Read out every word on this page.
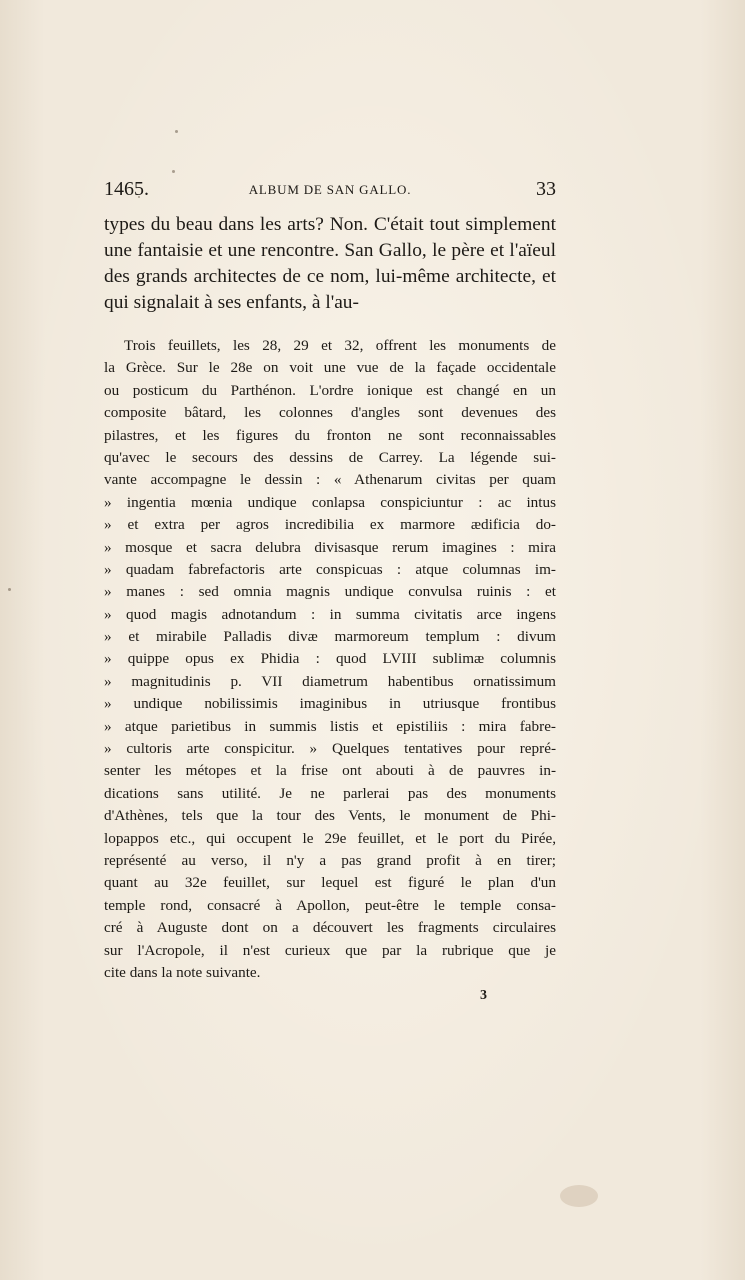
1465.	ALBUM DE SAN GALLO.	33
types du beau dans les arts? Non. C'était tout simplement une fantaisie et une rencontre. San Gallo, le père et l'aïeul des grands architectes de ce nom, lui-même architecte, et qui signalait à ses enfants, à l'au-
Trois feuillets, les 28, 29 et 32, offrent les monuments de
la Grèce. Sur le 28e on voit une vue de la façade occidentale
ou posticum du Parthénon. L'ordre ionique est changé en un
composite bâtard, les colonnes d'angles sont devenues des
pilastres, et les figures du fronton ne sont reconnaissables
qu'avec le secours des dessins de Carrey. La légende sui-
vante accompagne le dessin : « Athenarum civitas per quam
» ingentia mœnia undique conlapsa conspiciuntur : ac intus
» et extra per agros incredibilia ex marmore ædificia do-
» mosque et sacra delubra divisasque rerum imagines : mira
» quadam fabrefactoris arte conspicuas : atque columnas im-
» manes : sed omnia magnis undique convulsa ruinis : et
» quod magis adnotandum : in summa civitatis arce ingens
» et mirabile Palladis divæ marmoreum templum : divum
» quippe opus ex Phidia : quod LVIII sublimæ columnis
» magnitudinis p. VII diametrum habentibus ornatissimum
» undique nobilissimis imaginibus in utriusque frontibus
» atque parietibus in summis listis et epistiliis : mira fabre-
» cultoris arte conspicitur. » Quelques tentatives pour repré-
senter les métopes et la frise ont abouti à de pauvres in-
dications sans utilité. Je ne parlerai pas des monuments
d'Athènes, tels que la tour des Vents, le monument de Phi-
lopappos etc., qui occupent le 29e feuillet, et le port du Pirée,
représenté au verso, il n'y a pas grand profit à en tirer;
quant au 32e feuillet, sur lequel est figuré le plan d'un
temple rond, consacré à Apollon, peut-être le temple consa-
cré à Auguste dont on a découvert les fragments circulaires
sur l'Acropole, il n'est curieux que par la rubrique que je
cite dans la note suivante.
3
